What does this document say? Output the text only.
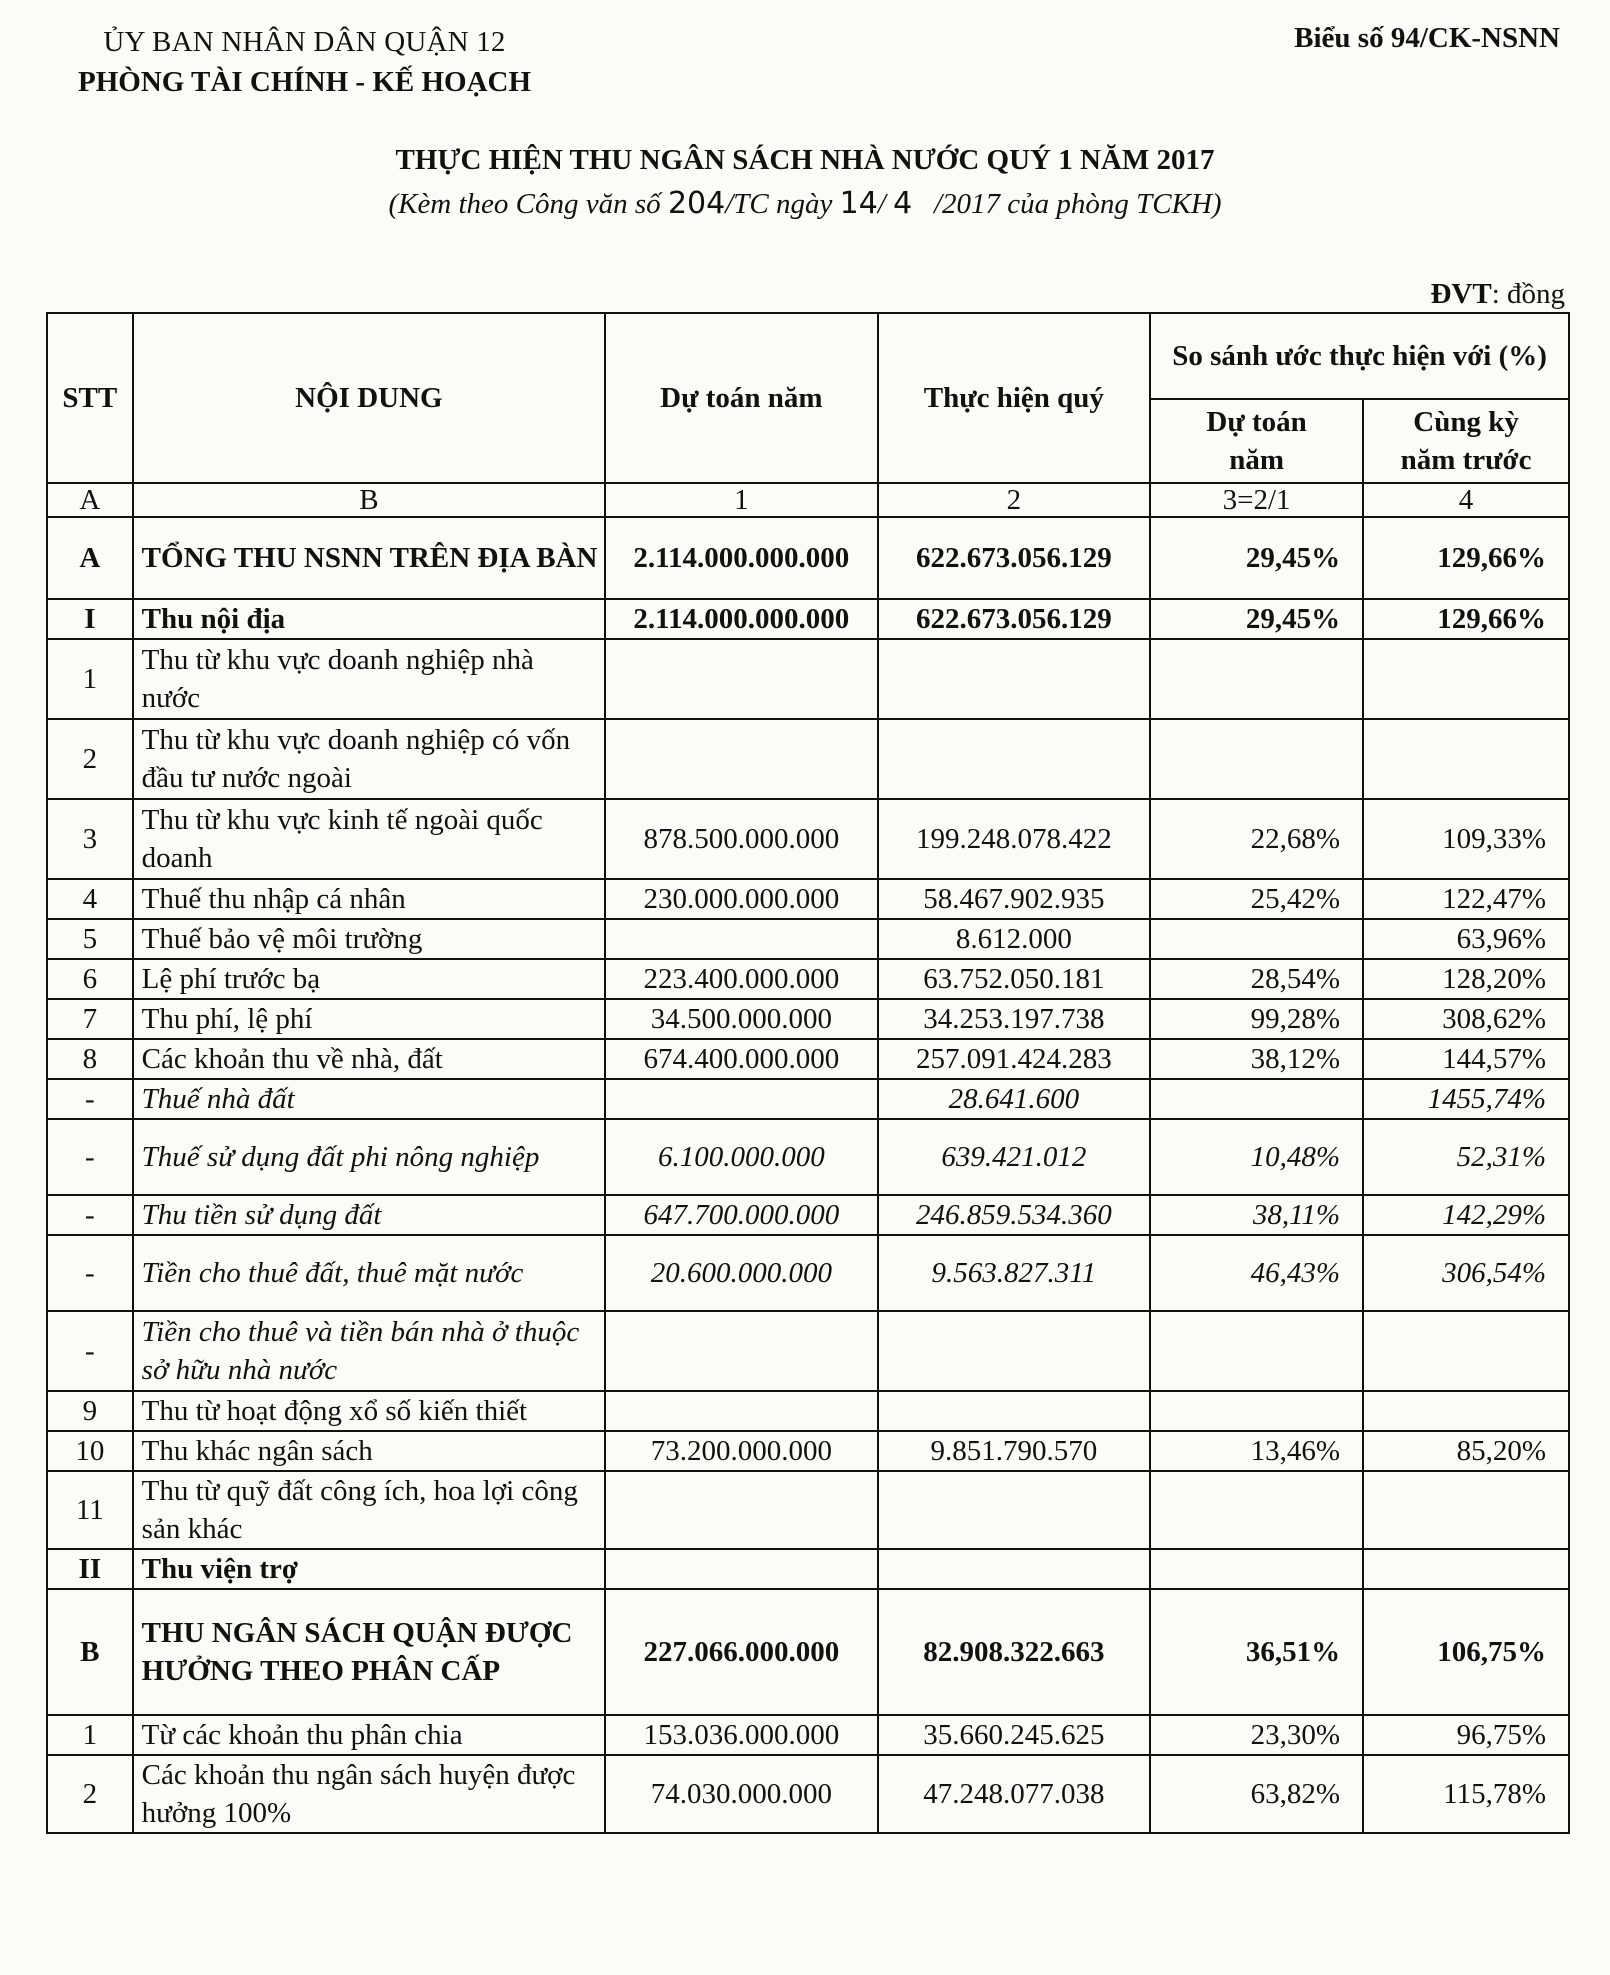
ỦY BAN NHÂN DÂN QUẬN 12
PHÒNG TÀI CHÍNH - KẾ HOẠCH
Biểu số 94/CK-NSNN
THỰC HIỆN THU NGÂN SÁCH NHÀ NƯỚC QUÝ 1 NĂM 2017
(Kèm theo Công văn số 204/TC ngày 14/ 4   /2017 của phòng TCKH)
ĐVT: đồng
STT	NỘI DUNG	Dự toán năm	Thực hiện quý	So sánh ước thực hiện với (%)	
				Dự toán năm	Cùng kỳ năm trước
A	B	1	2	3=2/1	4
A	TỔNG THU NSNN TRÊN ĐỊA BÀN	2.114.000.000.000	622.673.056.129	29,45%	129,66%
I	Thu nội địa	2.114.000.000.000	622.673.056.129	29,45%	129,66%
1	Thu từ khu vực doanh nghiệp nhà nước				
2	Thu từ khu vực doanh nghiệp có vốn đầu tư nước ngoài				
3	Thu từ khu vực kinh tế ngoài quốc doanh	878.500.000.000	199.248.078.422	22,68%	109,33%
4	Thuế thu nhập cá nhân	230.000.000.000	58.467.902.935	25,42%	122,47%
5	Thuế bảo vệ môi trường		8.612.000		63,96%
6	Lệ phí trước bạ	223.400.000.000	63.752.050.181	28,54%	128,20%
7	Thu phí, lệ phí	34.500.000.000	34.253.197.738	99,28%	308,62%
8	Các khoản thu về nhà, đất	674.400.000.000	257.091.424.283	38,12%	144,57%
-	Thuế nhà đất		28.641.600		1455,74%
-	Thuế sử dụng đất phi nông nghiệp	6.100.000.000	639.421.012	10,48%	52,31%
-	Thu tiền sử dụng đất	647.700.000.000	246.859.534.360	38,11%	142,29%
-	Tiền cho thuê đất, thuê mặt nước	20.600.000.000	9.563.827.311	46,43%	306,54%
-	Tiền cho thuê và tiền bán nhà ở thuộc sở hữu nhà nước				
9	Thu từ hoạt động xổ số kiến thiết				
10	Thu khác ngân sách	73.200.000.000	9.851.790.570	13,46%	85,20%
11	Thu từ quỹ đất công ích, hoa lợi công sản khác				
II	Thu viện trợ				
B	THU NGÂN SÁCH QUẬN ĐƯỢC HƯỞNG THEO PHÂN CẤP	227.066.000.000	82.908.322.663	36,51%	106,75%
1	Từ các khoản thu phân chia	153.036.000.000	35.660.245.625	23,30%	96,75%
2	Các khoản thu ngân sách huyện được hưởng 100%	74.030.000.000	47.248.077.038	63,82%	115,78%
